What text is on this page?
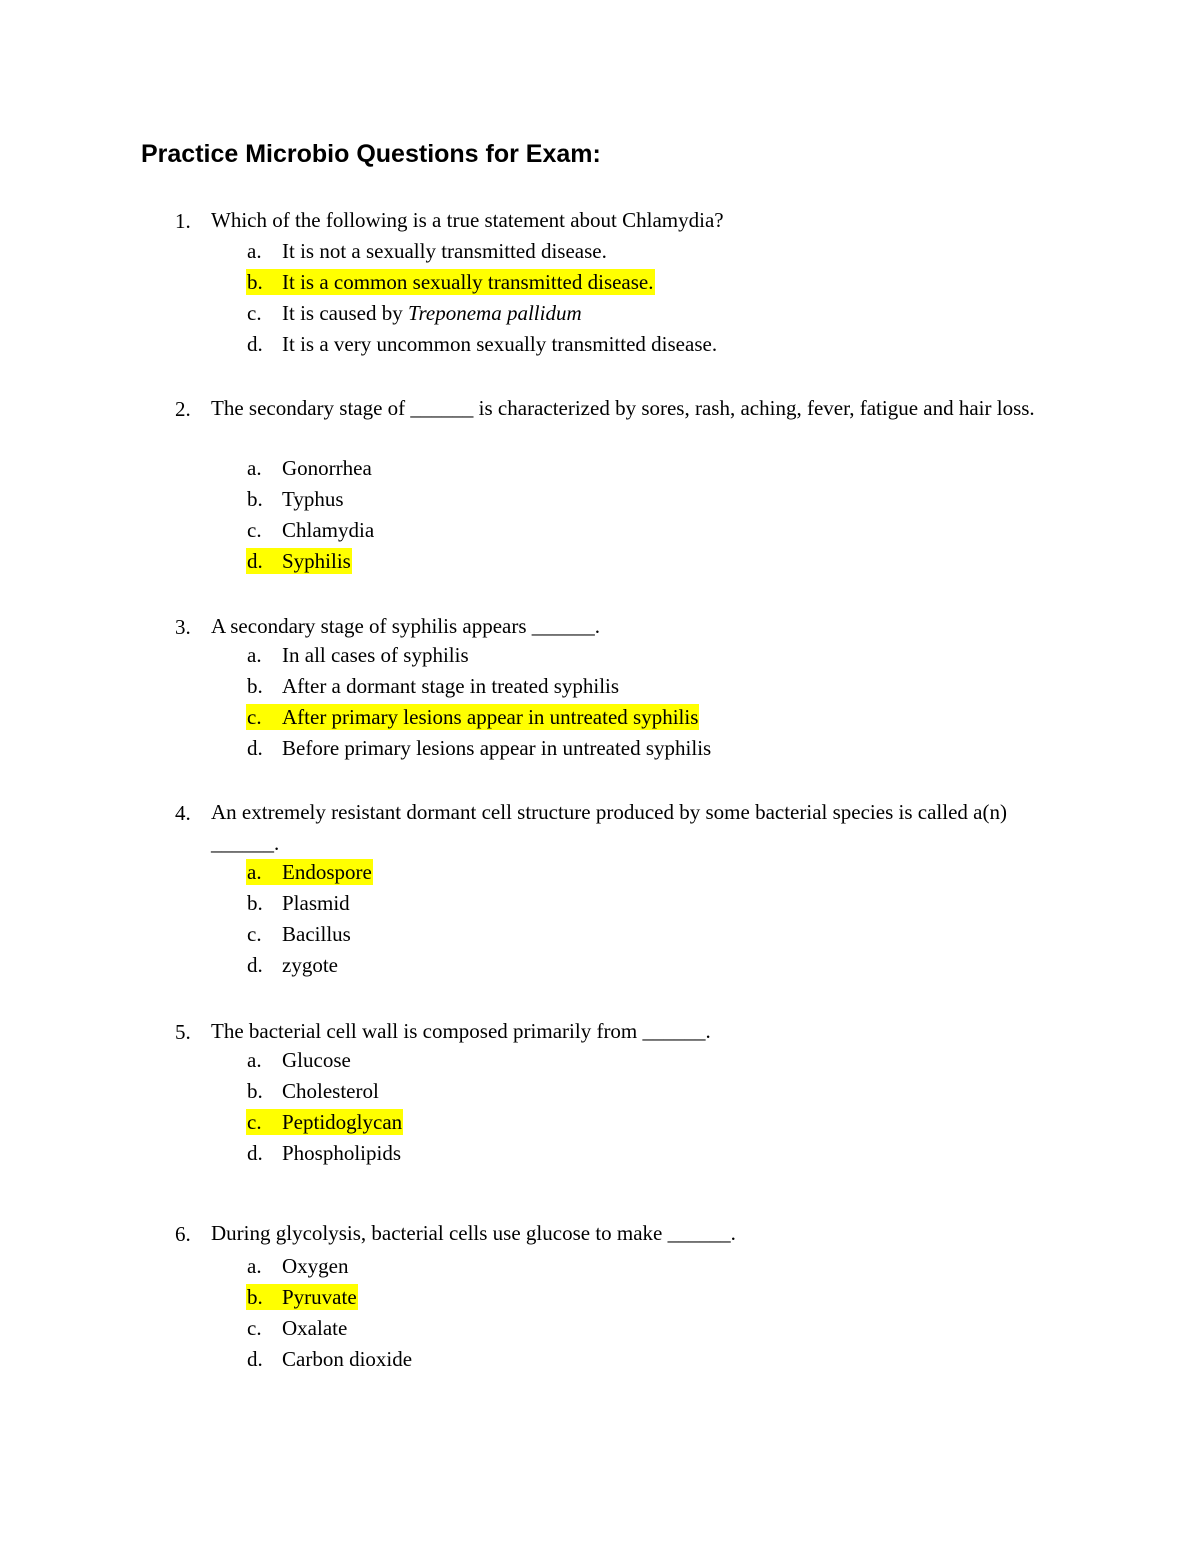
Practice Microbio Questions for Exam:
1. Which of the following is a true statement about Chlamydia?
a. It is not a sexually transmitted disease.
b. It is a common sexually transmitted disease.
c. It is caused by Treponema pallidum
d. It is a very uncommon sexually transmitted disease.
2. The secondary stage of ______ is characterized by sores, rash, aching, fever, fatigue and hair loss.
a. Gonorrhea
b. Typhus
c. Chlamydia
d. Syphilis
3. A secondary stage of syphilis appears ______.
a. In all cases of syphilis
b. After a dormant stage in treated syphilis
c. After primary lesions appear in untreated syphilis
d. Before primary lesions appear in untreated syphilis
4. An extremely resistant dormant cell structure produced by some bacterial species is called a(n) ______.
a. Endospore
b. Plasmid
c. Bacillus
d. zygote
5. The bacterial cell wall is composed primarily from ______.
a. Glucose
b. Cholesterol
c. Peptidoglycan
d. Phospholipids
6. During glycolysis, bacterial cells use glucose to make ______.
a. Oxygen
b. Pyruvate
c. Oxalate
d. Carbon dioxide
